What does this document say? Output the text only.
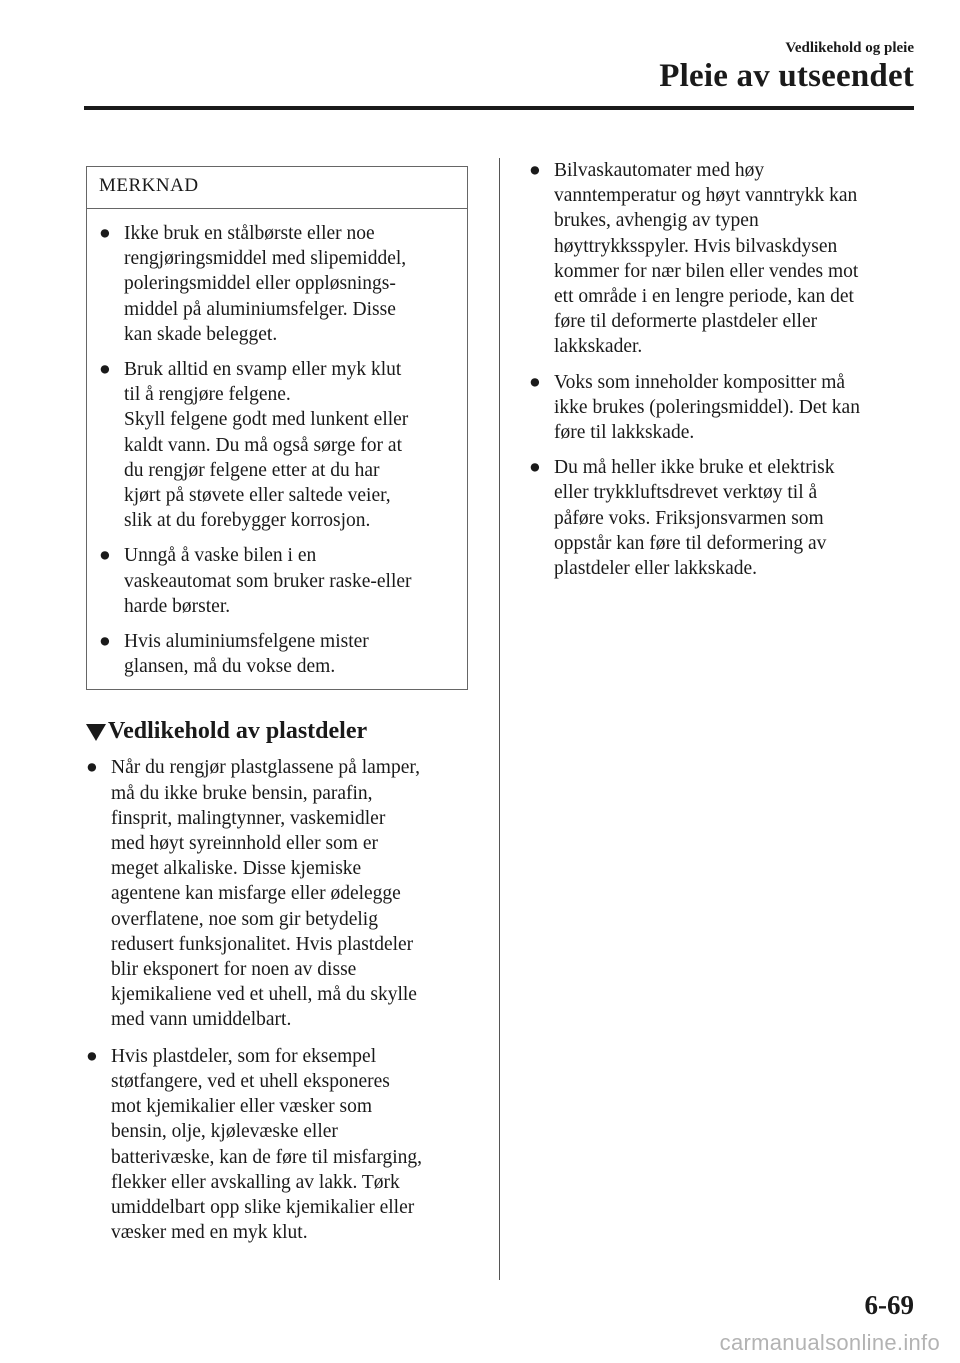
Vedlikehold og pleie
Pleie av utseendet
MERKNAD
● Ikke bruk en stålbørste eller noe
rengjøringsmiddel med slipemiddel,
poleringsmiddel eller oppløsnings-
middel på aluminiumsfelger. Disse
kan skade belegget.
● Bruk alltid en svamp eller myk klut
til å rengjøre felgene.
Skyll felgene godt med lunkent eller
kaldt vann. Du må også sørge for at
du rengjør felgene etter at du har
kjørt på støvete eller saltede veier,
slik at du forebygger korrosjon.
● Unngå å vaske bilen i en
vaskeautomat som bruker raske-eller
harde børster.
● Hvis aluminiumsfelgene mister
glansen, må du vokse dem.
Vedlikehold av plastdeler
● Når du rengjør plastglassene på lamper,
må du ikke bruke bensin, parafin,
finsprit, malingtynner, vaskemidler
med høyt syreinnhold eller som er
meget alkaliske. Disse kjemiske
agentene kan misfarge eller ødelegge
overflatene, noe som gir betydelig
redusert funksjonalitet. Hvis plastdeler
blir eksponert for noen av disse
kjemikaliene ved et uhell, må du skylle
med vann umiddelbart.
● Hvis plastdeler, som for eksempel
støtfangere, ved et uhell eksponeres
mot kjemikalier eller væsker som
bensin, olje, kjølevæske eller
batterivæske, kan de føre til misfarging,
flekker eller avskalling av lakk. Tørk
umiddelbart opp slike kjemikalier eller
væsker med en myk klut.
● Bilvaskautomater med høy
vanntemperatur og høyt vanntrykk kan
brukes, avhengig av typen
høyttrykksspyler. Hvis bilvaskdysen
kommer for nær bilen eller vendes mot
ett område i en lengre periode, kan det
føre til deformerte plastdeler eller
lakkskader.
● Voks som inneholder kompositter må
ikke brukes (poleringsmiddel). Det kan
føre til lakkskade.
● Du må heller ikke bruke et elektrisk
eller trykkluftsdrevet verktøy til å
påføre voks. Friksjonsvarmen som
oppstår kan føre til deformering av
plastdeler eller lakkskade.
6-69
carmanualsonline.info
